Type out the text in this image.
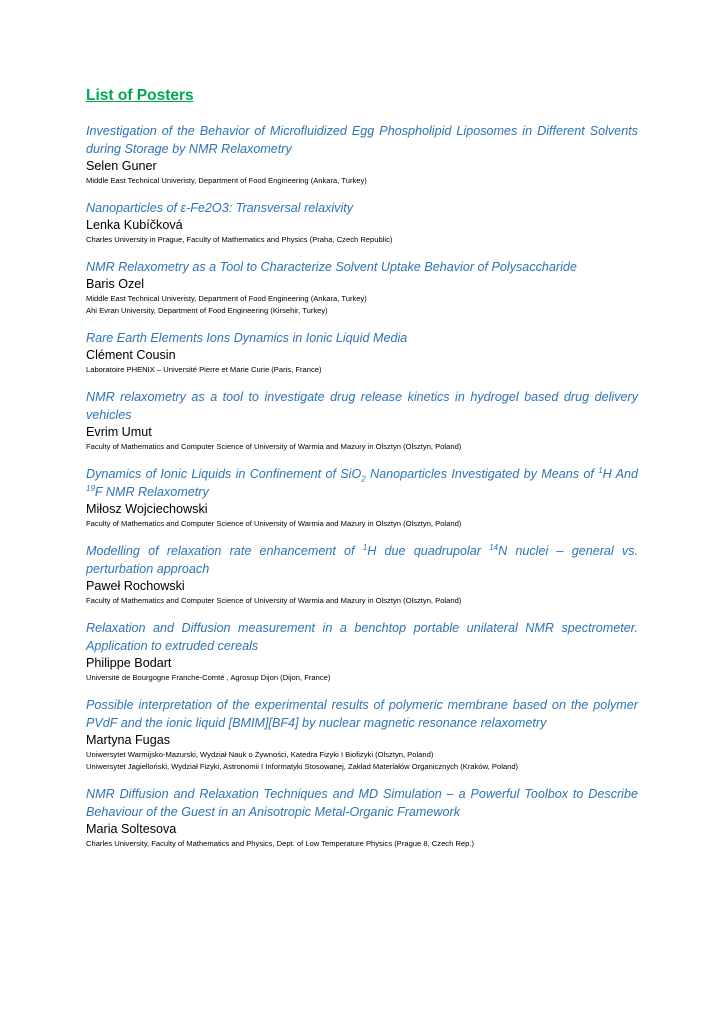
List of Posters
Investigation of the Behavior of Microfluidized Egg Phospholipid Liposomes in Different Solvents during Storage by NMR Relaxometry
Selen Guner
Middle East Technical Univeristy, Department of Food Engineering (Ankara, Turkey)
Nanoparticles of ε-Fe2O3: Transversal relaxivity
Lenka Kubíčková
Charles University in Prague, Faculty of Mathematics and Physics (Praha, Czech Republic)
NMR Relaxometry as a Tool to Characterize Solvent Uptake Behavior of Polysaccharide
Baris Ozel
Middle East Technical Univeristy, Department of Food Engineering (Ankara, Turkey)
Ahi Evran University, Department of Food Engineering (Kirsehir, Turkey)
Rare Earth Elements Ions Dynamics in Ionic Liquid Media
Clément Cousin
Laboratoire PHENIX – Université Pierre et Marie Curie (Paris, France)
NMR relaxometry as a tool to investigate drug release kinetics in hydrogel based drug delivery vehicles
Evrim Umut
Faculty of Mathematics and Computer Science of University of Warmia and Mazury in Olsztyn (Olsztyn, Poland)
Dynamics of Ionic Liquids in Confinement of SiO$_2$ Nanoparticles Investigated by Means of $^1$H And $^{19}$F NMR Relaxometry
Miłosz Wojciechowski
Faculty of Mathematics and Computer Science of University of Warmia and Mazury in Olsztyn (Olsztyn, Poland)
Modelling of relaxation rate enhancement of $^1$H due quadrupolar $^{14}$N nuclei – general vs. perturbation approach
Paweł Rochowski
Faculty of Mathematics and Computer Science of University of Warmia and Mazury in Olsztyn (Olsztyn, Poland)
Relaxation and Diffusion measurement in a benchtop portable unilateral NMR spectrometer. Application to extruded cereals
Philippe Bodart
Université de Bourgogne Franche-Comté , Agrosup Dijon (Dijon, France)
Possible interpretation of the experimental results of polymeric membrane based on the polymer PVdF and the ionic liquid [BMIM][BF4] by nuclear magnetic resonance relaxometry
Martyna Fugas
Uniwersytet Warmijsko-Mazurski, Wydział Nauk o Żywności, Katedra Fizyki I Biofizyki (Olsztyn, Poland)
Uniwersytet Jagielloński, Wydział Fizyki, Astronomii I Informatyki Stosowanej, Zakład Materiałów Organicznych (Kraków, Poland)
NMR Diffusion and Relaxation Techniques and MD Simulation – a Powerful Toolbox to Describe Behaviour of the Guest in an Anisotropic Metal-Organic Framework
Maria Soltesova
Charles University, Faculty of Mathematics and Physics, Dept. of Low Temperature Physics (Prague 8, Czech Rep.)
